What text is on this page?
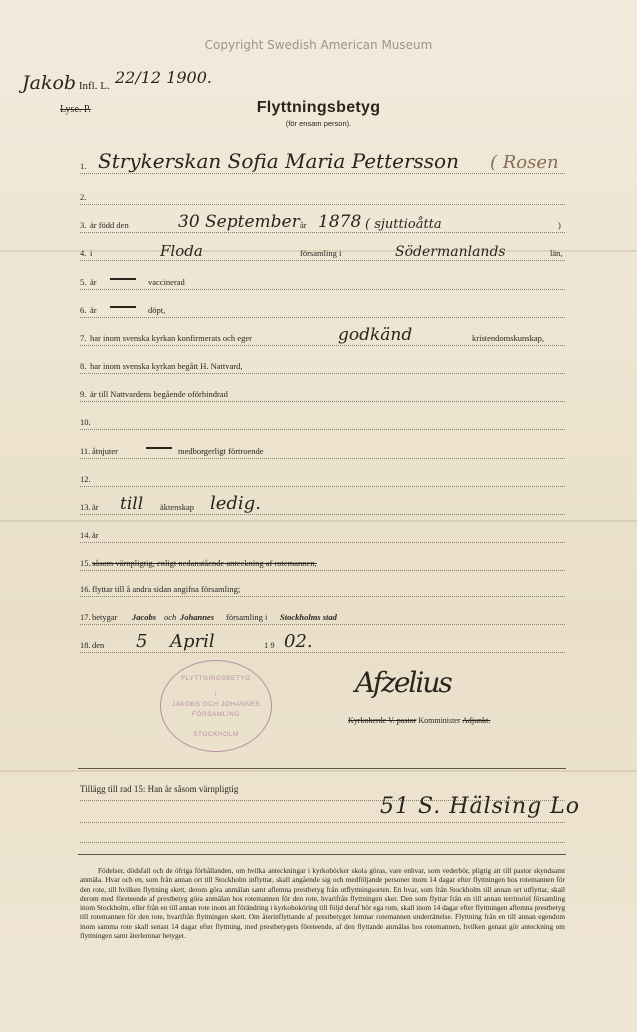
Copyright Swedish American Museum
Jakob Infl. L. 22/12 1900.
Lyse. P.	Flyttningsbetyg
(för ensam person).
1. Strykerskan Sofia Maria Pettersson ( Rosen
2.
3. är född den	30 September år 1878 ( sjuttioåtta	)
4. i	Floda	församling i	Södermanlands	län,
5. är	vaccinerad
6. är	döpt,
7. har inom svenska kyrkan konfirmerats och eger	godkänd	kristendomskunskap,
8. har inom svenska kyrkan begått H. Nattvard,
9. är till Nattvardens begående oförhindrad
10.
11. åtnjuter	medborgerligt förtroende
12.
13. är till äktenskap ledig.
14. är
15. såsom värnpligtig, enligt nedanstående anteckning af rotemannen,
16. flyttar till å andra sidan angifna församling;
17. betygar Jacobs och Johannes församling i Stockholms stad
18. den 5 April	1 9 02.
FLYTTNINGSBETYG
I
JAKOBS OCH JOHANNES
FÖRSAMLING
STOCKHOLM
Afzelius
Kyrkoherde V. pastor Komminister Adjunkt.
Tillägg till rad 15: Han är såsom värnpligtig
51 S. Hälsing Lo
Födelser, dödsfall och de öfriga förhållanden, om hvilka anteckningar i kyrkoböcker skola göras, vare enhvar, som vederbör, pligtig att till pastor skyndsamt anmäla. Hvar och en, som från annan ort till Stockholm inflyttar, skall angående sig och medföljande personer inom 14 dagar efter flyttningen hos rotemannen för den rote, till hvilken flyttning skett, derom göra anmälan samt aflemna prestbetyg från utflyttningsorten. En hvar, som från Stockholm till annan ort utflyttar, skall derom med företeende af prestbetyg göra anmälan hos rotemannen för den rote, hvarifrån flyttningen sker. Den som flyttar från en till annan territoriel församling inom Stockholm, eller från en till annan rote inom att förändring i kyrkoboköring till följd deraf bör ega rum, skall inom 14 dagar efter flyttningen aflemna prestbetyg till rotemannen för den rote, hvarifrån flyttningen skett. Om återinflyttande af prestbetyget lemnar rotemannen underrättelse. Flyttning från en till annan egendom inom samma rote skall senast 14 dagar efter flyttning, med prestbetygets företeende, af den flyttande anmälas hos rotemannen, hvilken genast gör anteckning om flyttningen samt återlemnar betyget.
